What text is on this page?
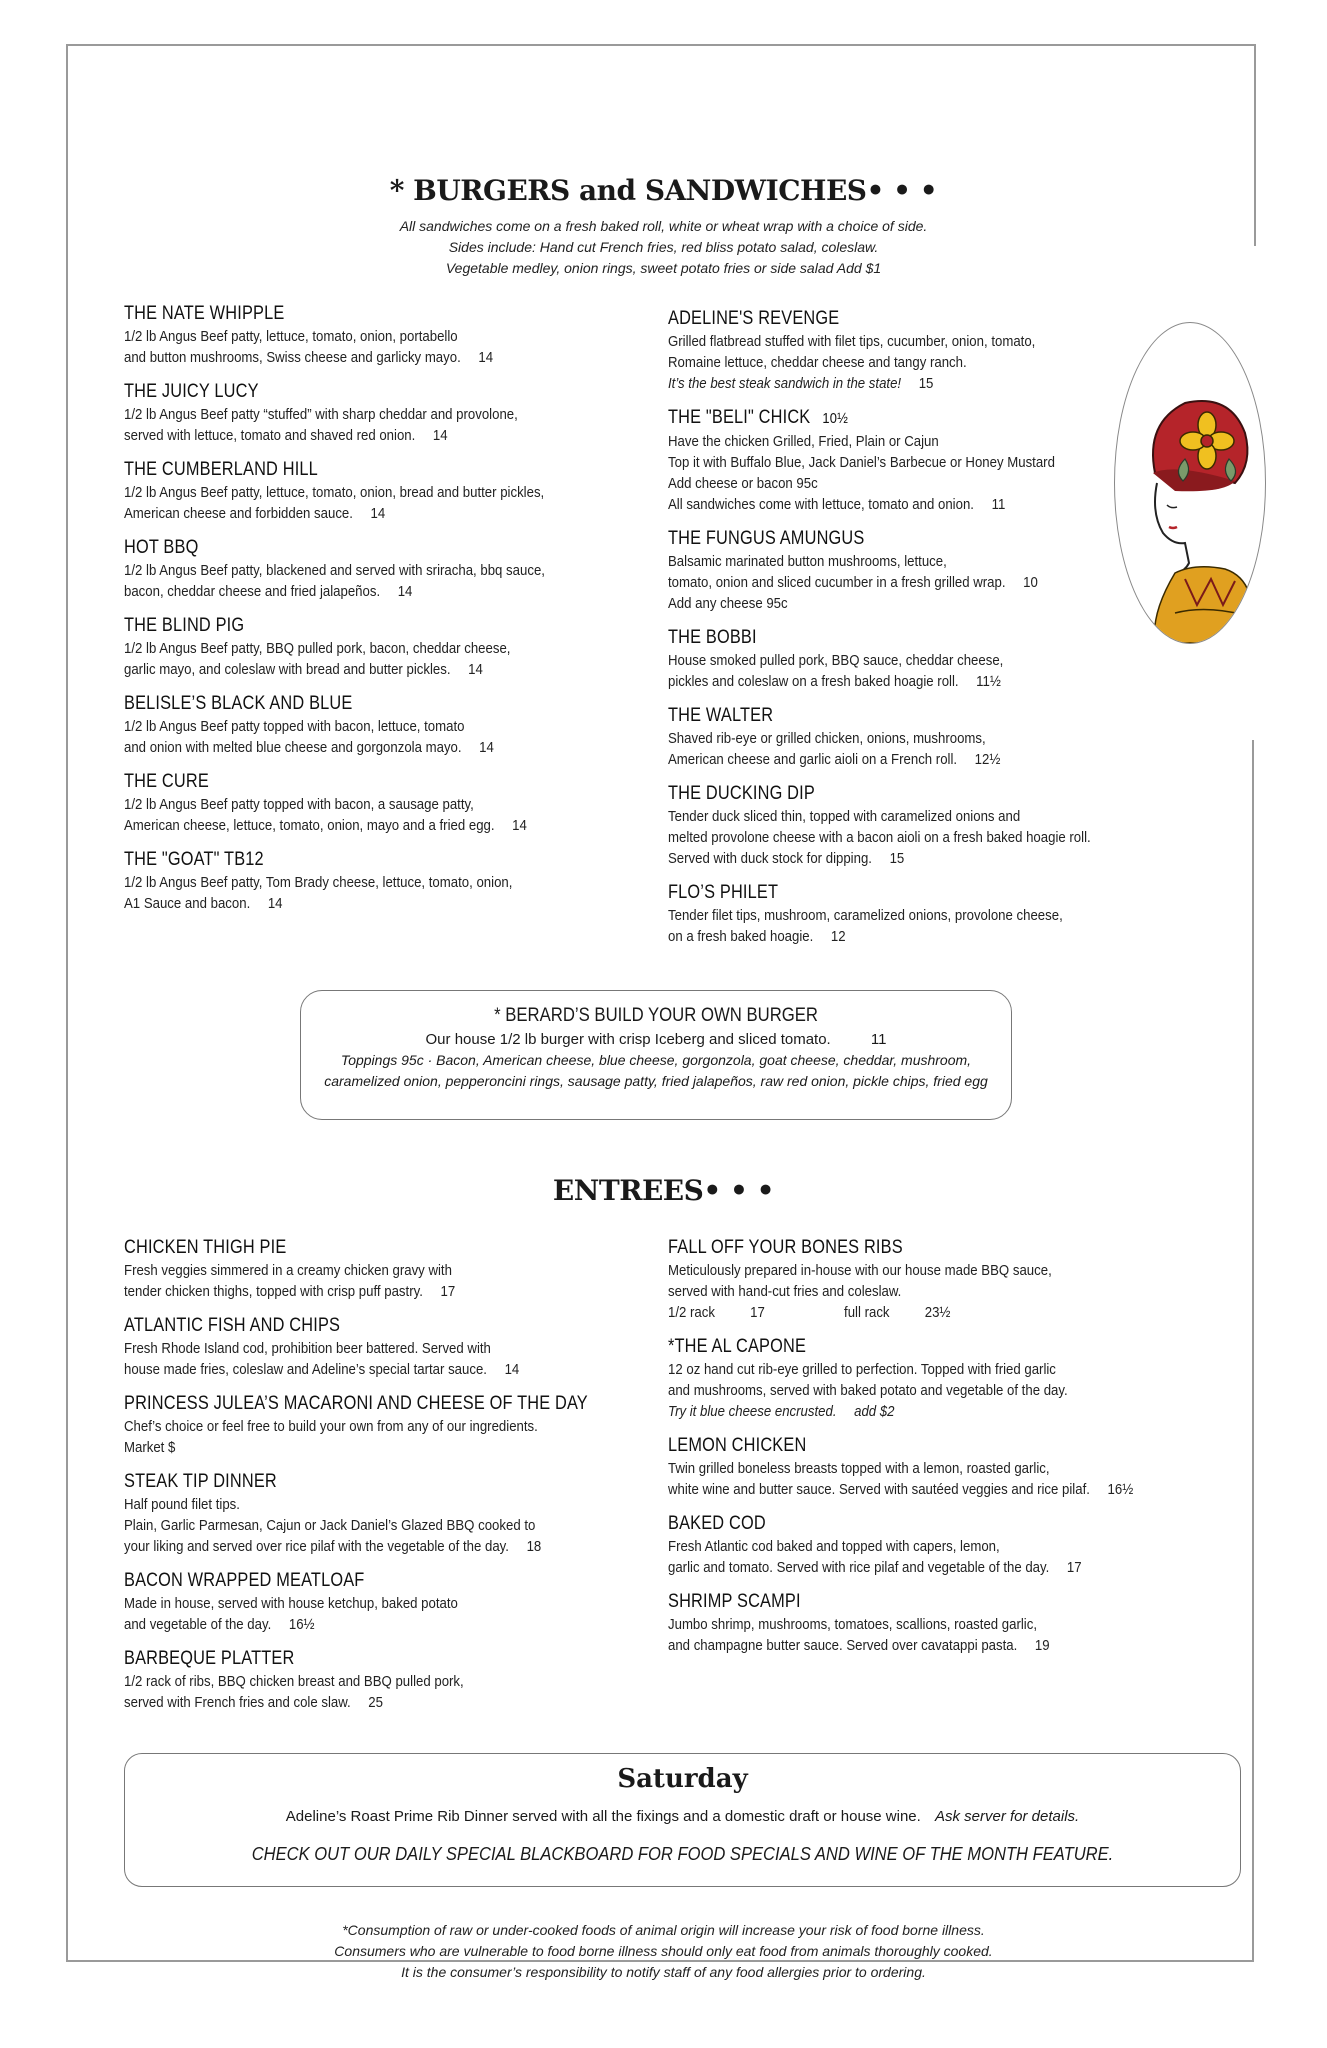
* BURGERS and SANDWICHES• • •
All sandwiches come on a fresh baked roll, white or wheat wrap with a choice of side.
Sides include: Hand cut French fries, red bliss potato salad, coleslaw.
Vegetable medley, onion rings, sweet potato fries or side salad Add $1
THE NATE WHIPPLE
1/2 lb Angus Beef patty, lettuce, tomato, onion, portabello
and button mushrooms, Swiss cheese and garlicky mayo. 14
THE JUICY LUCY
1/2 lb Angus Beef patty “stuffed” with sharp cheddar and provolone,
served with lettuce, tomato and shaved red onion. 14
THE CUMBERLAND HILL
1/2 lb Angus Beef patty, lettuce, tomato, onion, bread and butter pickles,
American cheese and forbidden sauce. 14
HOT BBQ
1/2 lb Angus Beef patty, blackened and served with sriracha, bbq sauce,
bacon, cheddar cheese and fried jalapeños. 14
THE BLIND PIG
1/2 lb Angus Beef patty, BBQ pulled pork, bacon, cheddar cheese,
garlic mayo, and coleslaw with bread and butter pickles. 14
BELISLE’S BLACK AND BLUE
1/2 lb Angus Beef patty topped with bacon, lettuce, tomato
and onion with melted blue cheese and gorgonzola mayo. 14
THE CURE
1/2 lb Angus Beef patty topped with bacon, a sausage patty,
American cheese, lettuce, tomato, onion, mayo and a fried egg. 14
THE "GOAT" TB12
1/2 lb Angus Beef patty, Tom Brady cheese, lettuce, tomato, onion,
A1 Sauce and bacon. 14
ADELINE'S REVENGE
Grilled flatbread stuffed with filet tips, cucumber, onion, tomato,
Romaine lettuce, cheddar cheese and tangy ranch.
It’s the best steak sandwich in the state! 15
THE "BELI" CHICK 10½
Have the chicken Grilled, Fried, Plain or Cajun
Top it with Buffalo Blue, Jack Daniel’s Barbecue or Honey Mustard
Add cheese or bacon 95c
All sandwiches come with lettuce, tomato and onion. 11
THE FUNGUS AMUNGUS
Balsamic marinated button mushrooms, lettuce,
tomato, onion and sliced cucumber in a fresh grilled wrap. 10
Add any cheese 95c
THE BOBBI
House smoked pulled pork, BBQ sauce, cheddar cheese,
pickles and coleslaw on a fresh baked hoagie roll. 11½
THE WALTER
Shaved rib-eye or grilled chicken, onions, mushrooms,
American cheese and garlic aioli on a French roll. 12½
THE DUCKING DIP
Tender duck sliced thin, topped with caramelized onions and
melted provolone cheese with a bacon aioli on a fresh baked hoagie roll.
Served with duck stock for dipping. 15
FLO’S PHILET
Tender filet tips, mushroom, caramelized onions, provolone cheese,
on a fresh baked hoagie. 12
* BERARD’S BUILD YOUR OWN BURGER
Our house 1/2 lb burger with crisp Iceberg and sliced tomato.	11
Toppings 95c · Bacon, American cheese, blue cheese, gorgonzola, goat cheese, cheddar, mushroom,
caramelized onion, pepperoncini rings, sausage patty, fried jalapeños, raw red onion, pickle chips, fried egg
ENTREES• • •
CHICKEN THIGH PIE
Fresh veggies simmered in a creamy chicken gravy with
tender chicken thighs, topped with crisp puff pastry. 17
ATLANTIC FISH AND CHIPS
Fresh Rhode Island cod, prohibition beer battered. Served with
house made fries, coleslaw and Adeline’s special tartar sauce. 14
PRINCESS JULEA’S MACARONI AND CHEESE OF THE DAY
Chef’s choice or feel free to build your own from any of our ingredients.
Market $
STEAK TIP DINNER
Half pound filet tips.
Plain, Garlic Parmesan, Cajun or Jack Daniel’s Glazed BBQ cooked to
your liking and served over rice pilaf with the vegetable of the day. 18
BACON WRAPPED MEATLOAF
Made in house, served with house ketchup, baked potato
and vegetable of the day. 16½
BARBEQUE PLATTER
1/2 rack of ribs, BBQ chicken breast and BBQ pulled pork,
served with French fries and cole slaw. 25
FALL OFF YOUR BONES RIBS
Meticulously prepared in-house with our house made BBQ sauce,
served with hand-cut fries and coleslaw.
1/2 rack 17	full rack 23½
*THE AL CAPONE
12 oz hand cut rib-eye grilled to perfection. Topped with fried garlic
and mushrooms, served with baked potato and vegetable of the day.
Try it blue cheese encrusted. add $2
LEMON CHICKEN
Twin grilled boneless breasts topped with a lemon, roasted garlic,
white wine and butter sauce. Served with sautéed veggies and rice pilaf. 16½
BAKED COD
Fresh Atlantic cod baked and topped with capers, lemon,
garlic and tomato. Served with rice pilaf and vegetable of the day. 17
SHRIMP SCAMPI
Jumbo shrimp, mushrooms, tomatoes, scallions, roasted garlic,
and champagne butter sauce. Served over cavatappi pasta. 19
Saturday
Adeline’s Roast Prime Rib Dinner served with all the fixings and a domestic draft or house wine. Ask server for details.
CHECK OUT OUR DAILY SPECIAL BLACKBOARD FOR FOOD SPECIALS AND WINE OF THE MONTH FEATURE.
*Consumption of raw or under-cooked foods of animal origin will increase your risk of food borne illness.
Consumers who are vulnerable to food borne illness should only eat food from animals thoroughly cooked.
It is the consumer’s responsibility to notify staff of any food allergies prior to ordering.
